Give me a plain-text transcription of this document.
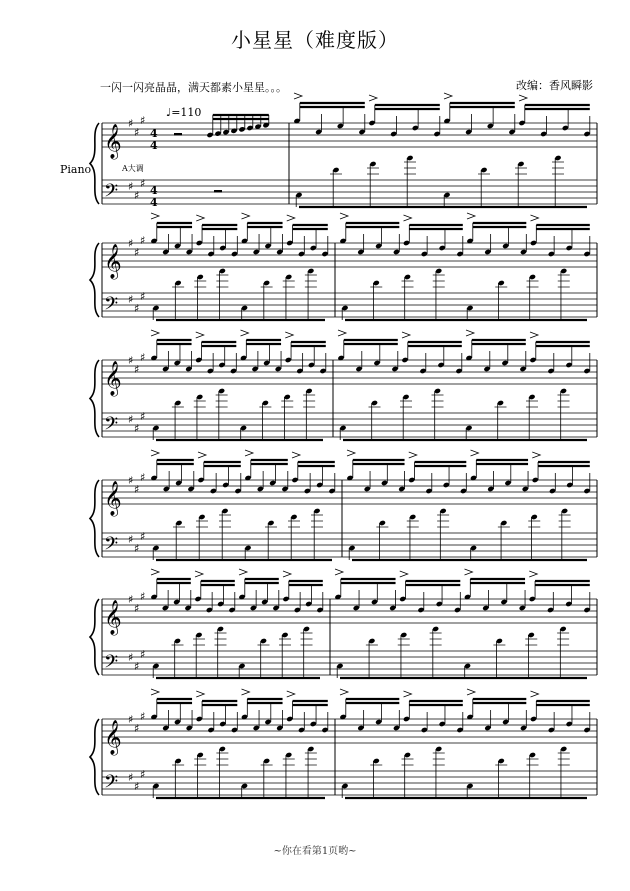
小星星（难度版）
一闪一闪亮晶晶，满天都素小星星。。。	改编：香风瞬影
♩=110
Piano	A大调
𝄞
𝄢
♯
♯
♯
♯
♯
♯
4
4
4
4
𝄞
𝄢
♯
♯
♯
♯
♯
♯
𝄞
𝄢
♯
♯
♯
♯
♯
♯
𝄞
𝄢
♯
♯
♯
♯
♯
♯
𝄞
𝄢
♯
♯
♯
♯
♯
♯
𝄞
𝄢
♯
♯
♯
♯
♯
♯
~你在看第1页哟~
